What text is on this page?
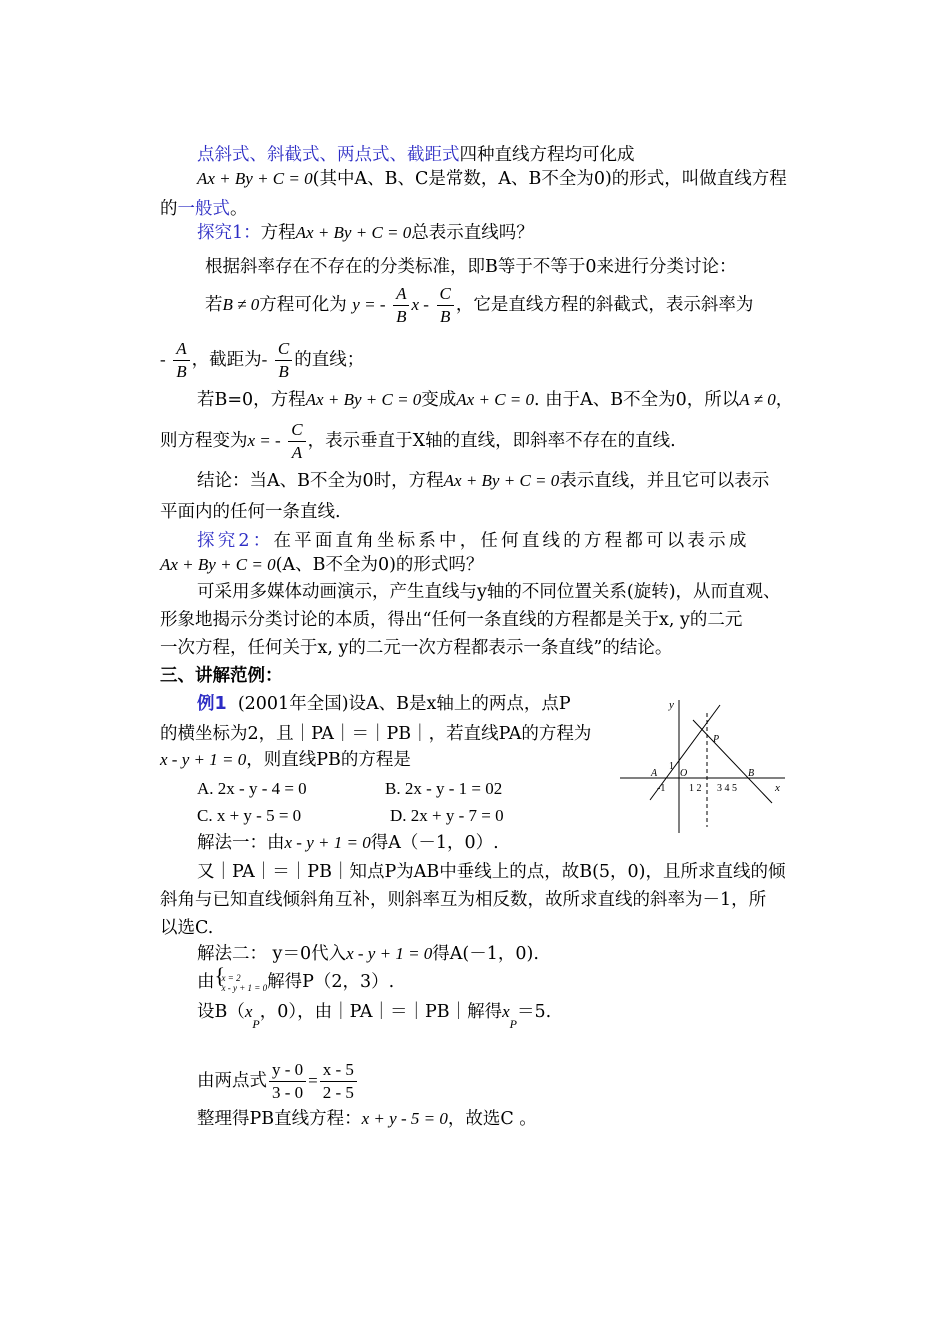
点斜式、斜截式、两点式、截距式四种直线方程均可化成
Ax + By + C = 0(其中A、B、C是常数，A、B不全为0)的形式，叫做直线方程
的一般式。
探究1：方程Ax + By + C = 0总表示直线吗？
根据斜率存在不存在的分类标准，即B等于不等于0来进行分类讨论：
若B ≠ 0方程可化为 y = - $\frac{A}{B}$ x - $\frac{C}{B}$ ，它是直线方程的斜截式，表示斜率为
- $\frac{A}{B}$ ，截距为- $\frac{C}{B}$ 的直线；
若B=0，方程Ax + By + C = 0变成Ax + C = 0. 由于A、B不全为0，所以A ≠ 0，
则方程变为x = - $\frac{C}{A}$ ，表示垂直于X轴的直线，即斜率不存在的直线.
结论：当A、B不全为0时，方程Ax + By + C = 0表示直线，并且它可以表示
平面内的任何一条直线.
探究2：在平面直角坐标系中，任何直线的方程都可以表示成
Ax + By + C = 0(A、B不全为0)的形式吗？
可采用多媒体动画演示，产生直线与y轴的不同位置关系(旋转)，从而直观、
形象地揭示分类讨论的本质，得出“任何一条直线的方程都是关于x, y的二元
一次方程，任何关于x, y的二元一次方程都表示一条直线”的结论。
三、讲解范例：
例1 (2001年全国)设A、B是x轴上的两点，点P
的横坐标为2，且｜PA｜＝｜PB｜，若直线PA的方程为
x - y + 1 = 0，则直线PB的方程是
A. 2x - y - 4 = 0	B. 2x - y - 1 = 02
C. x + y - 5 = 0	D. 2x + y - 7 = 0
解法一：由x - y + 1 = 0得A（－1，0）.
又｜PA｜＝｜PB｜知点P为AB中垂线上的点，故B(5，0)，且所求直线的倾
斜角与已知直线倾斜角互补，则斜率互为相反数，故所求直线的斜率为－1，所
以选C.
解法二： y＝0代入x - y + 1 = 0得A(－1，0).
由
{ x = 2
x - y + 1 = 0 解得P（2，3）.
设$B(x_P$，0），由｜PA｜＝｜PB｜解得$x_P=5$.
由两点式 $\frac{y - 0}{3 - 0} = \frac{x - 5}{2 - 5}$
整理得PB直线方程：x + y - 5 = 0，故选C 。
y
x
P
A	B
O
1
-1 1 2 3 4 5
